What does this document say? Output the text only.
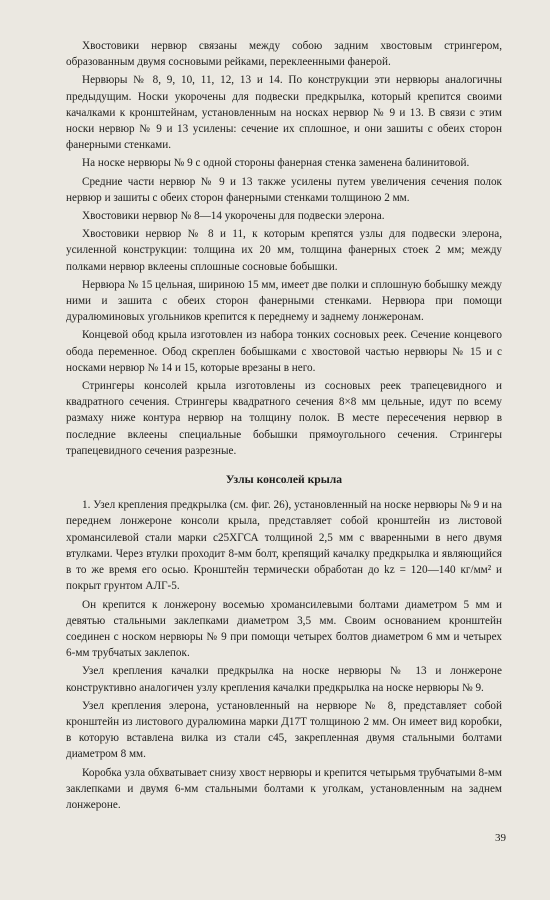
Хвостовики нервюр связаны между собою задним хвостовым стрингером, образованным двумя сосновыми рейками, переклеенными фанерой.

Нервюры № 8, 9, 10, 11, 12, 13 и 14. По конструкции эти нервюры аналогичны предыдущим. Носки укорочены для подвески предкрылка, который крепится своими качалками к кронштейнам, установленным на носках нервюр № 9 и 13. В связи с этим носки нервюр № 9 и 13 усилены: сечение их сплошное, и они зашиты с обеих сторон фанерными стенками.

На носке нервюры № 9 с одной стороны фанерная стенка заменена балинитовой.

Средние части нервюр № 9 и 13 также усилены путем увеличения сечения полок нервюр и зашиты с обеих сторон фанерными стенками толщиною 2 мм.

Хвостовики нервюр № 8—14 укорочены для подвески элерона.

Хвостовики нервюр № 8 и 11, к которым крепятся узлы для подвески элерона, усиленной конструкции: толщина их 20 мм, толщина фанерных стоек 2 мм; между полками нервюр вклеены сплошные сосновые бобышки.

Нервюра № 15 цельная, шириною 15 мм, имеет две полки и сплошную бобышку между ними и зашита с обеих сторон фанерными стенками. Нервюра при помощи дуралюминовых угольников крепится к переднему и заднему лонжеронам.

Концевой обод крыла изготовлен из набора тонких сосновых реек. Сечение концевого обода переменное. Обод скреплен бобышками с хвостовой частью нервюры № 15 и с носками нервюр № 14 и 15, которые врезаны в него.

Стрингеры консолей крыла изготовлены из сосновых реек трапецевидного и квадратного сечения. Стрингеры квадратного сечения 8×8 мм цельные, идут по всему размаху ниже контура нервюр на толщину полок. В месте пересечения нервюр в последние вклеены специальные бобышки прямоугольного сечения. Стрингеры трапецевидного сечения разрезные.

Узлы консолей крыла

1. Узел крепления предкрылка (см. фиг. 26), установленный на носке нервюры № 9 и на переднем лонжероне консоли крыла, представляет собой кронштейн из листовой хромансилевой стали марки с25ХГСА толщиной 2,5 мм с вваренными в него двумя втулками. Через втулки проходит 8-мм болт, крепящий качалку предкрылка и являющийся в то же время его осью. Кронштейн термически обработан до kz = 120—140 кг/мм² и покрыт грунтом АЛГ-5.

Он крепится к лонжерону восемью хромансилевыми болтами диаметром 5 мм и девятью стальными заклепками диаметром 3,5 мм. Своим основанием кронштейн соединен с носком нервюры № 9 при помощи четырех болтов диаметром 6 мм и четырех 6-мм трубчатых заклепок.

Узел крепления качалки предкрылка на носке нервюры № 13 и лонжероне конструктивно аналогичен узлу крепления качалки предкрылка на носке нервюры № 9.

Узел крепления элерона, установленный на нервюре № 8, представляет собой кронштейн из листового дуралюмина марки Д17Т толщиною 2 мм. Он имеет вид коробки, в которую вставлена вилка из стали с45, закрепленная двумя стальными болтами диаметром 8 мм.

Коробка узла обхватывает снизу хвост нервюры и крепится четырьмя трубчатыми 8-мм заклепками и двумя 6-мм стальными болтами к уголкам, установленным на заднем лонжероне.

39
